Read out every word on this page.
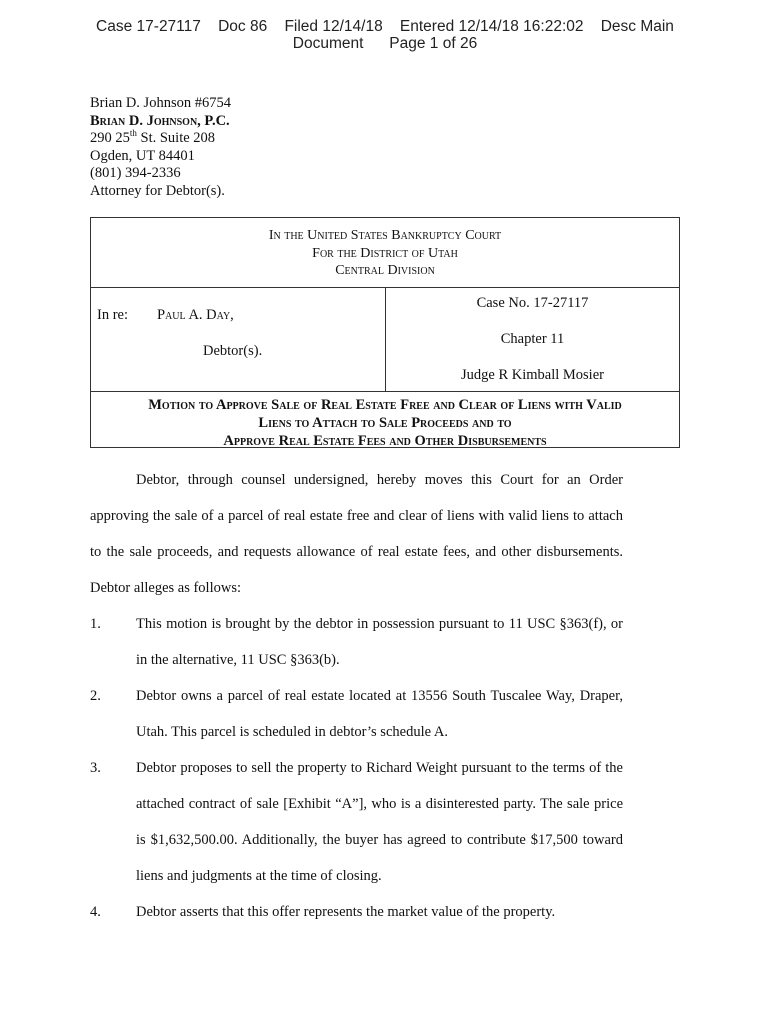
Case 17-27117    Doc 86    Filed 12/14/18    Entered 12/14/18 16:22:02    Desc Main
Document      Page 1 of 26
Brian D. Johnson #6754
Brian D. Johnson, P.C.
290 25th St. Suite 208
Ogden, UT 84401
(801) 394-2336
Attorney for Debtor(s).
In the United States Bankruptcy Court
For the District of Utah
Central Division
In re: Paul A. Day,
Debtor(s).
Case No. 17-27117
Chapter 11
Judge R Kimball Mosier
Motion to Approve Sale of Real Estate Free and Clear of Liens with Valid
Liens to Attach to Sale Proceeds and to
Approve Real Estate Fees and Other Disbursements

Debtor, through counsel undersigned, hereby moves this Court for an Order approving the sale of a parcel of real estate free and clear of liens with valid liens to attach to the sale proceeds, and requests allowance of real estate fees, and other disbursements. Debtor alleges as follows:

1. This motion is brought by the debtor in possession pursuant to 11 USC §363(f), or in the alternative, 11 USC §363(b).
2. Debtor owns a parcel of real estate located at 13556 South Tuscalee Way, Draper, Utah. This parcel is scheduled in debtor’s schedule A.
3. Debtor proposes to sell the property to Richard Weight pursuant to the terms of the attached contract of sale [Exhibit “A”], who is a disinterested party. The sale price is $1,632,500.00. Additionally, the buyer has agreed to contribute $17,500 toward liens and judgments at the time of closing.
4. Debtor asserts that this offer represents the market value of the property.
